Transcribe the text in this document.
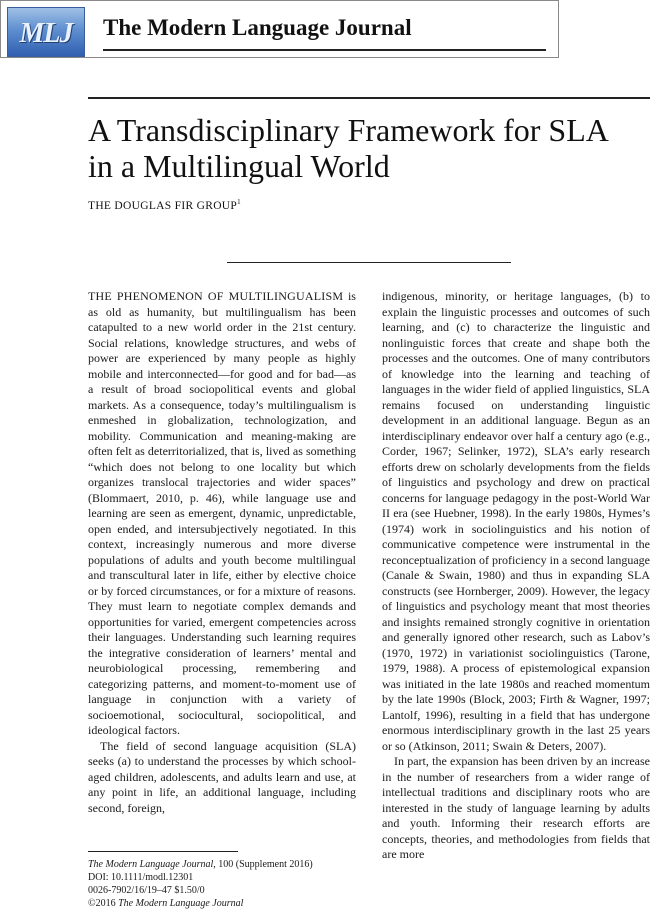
MLJ	The Modern Language Journal
A Transdisciplinary Framework for SLA in a Multilingual World
THE DOUGLAS FIR GROUP$^1$

THE PHENOMENON OF MULTILINGUALISM is as old as humanity, but multilingualism has been catapulted to a new world order in the 21st century. Social relations, knowledge structures, and webs of power are experienced by many people as highly mobile and interconnected—for good and for bad—as a result of broad sociopolitical events and global markets. As a consequence, today’s multilingualism is enmeshed in globalization, technologization, and mobility. Communication and meaning-making are often felt as deterritorialized, that is, lived as something “which does not belong to one locality but which organizes translocal trajectories and wider spaces” (Blommaert, 2010, p. 46), while language use and learning are seen as emergent, dynamic, unpredictable, open ended, and intersubjectively negotiated. In this context, increasingly numerous and more diverse populations of adults and youth become multilingual and transcultural later in life, either by elective choice or by forced circumstances, or for a mixture of reasons. They must learn to negotiate complex demands and opportunities for varied, emergent competencies across their languages. Understanding such learning requires the integrative consideration of learners’ mental and neurobiological processing, remembering and categorizing patterns, and moment-to-moment use of language in conjunction with a variety of socioemotional, sociocultural, sociopolitical, and ideological factors.

The field of second language acquisition (SLA) seeks (a) to understand the processes by which school-aged children, adolescents, and adults learn and use, at any point in life, an additional language, including second, foreign,

indigenous, minority, or heritage languages, (b) to explain the linguistic processes and outcomes of such learning, and (c) to characterize the linguistic and nonlinguistic forces that create and shape both the processes and the outcomes. One of many contributors of knowledge into the learning and teaching of languages in the wider field of applied linguistics, SLA remains focused on understanding linguistic development in an additional language. Begun as an interdisciplinary endeavor over half a century ago (e.g., Corder, 1967; Selinker, 1972), SLA’s early research efforts drew on scholarly developments from the fields of linguistics and psychology and drew on practical concerns for language pedagogy in the post-World War II era (see Huebner, 1998). In the early 1980s, Hymes’s (1974) work in sociolinguistics and his notion of communicative competence were instrumental in the reconceptualization of proficiency in a second language (Canale & Swain, 1980) and thus in expanding SLA constructs (see Hornberger, 2009). However, the legacy of linguistics and psychology meant that most theories and insights remained strongly cognitive in orientation and generally ignored other research, such as Labov’s (1970, 1972) in variationist sociolinguistics (Tarone, 1979, 1988). A process of epistemological expansion was initiated in the late 1980s and reached momentum by the late 1990s (Block, 2003; Firth & Wagner, 1997; Lantolf, 1996), resulting in a field that has undergone enormous interdisciplinary growth in the last 25 years or so (Atkinson, 2011; Swain & Deters, 2007).

In part, the expansion has been driven by an increase in the number of researchers from a wider range of intellectual traditions and disciplinary roots who are interested in the study of language learning by adults and youth. Informing their research efforts are concepts, theories, and methodologies from fields that are more

The Modern Language Journal, 100 (Supplement 2016)
DOI: 10.1111/modl.12301
0026-7902/16/19–47 $1.50/0
©2016 The Modern Language Journal
